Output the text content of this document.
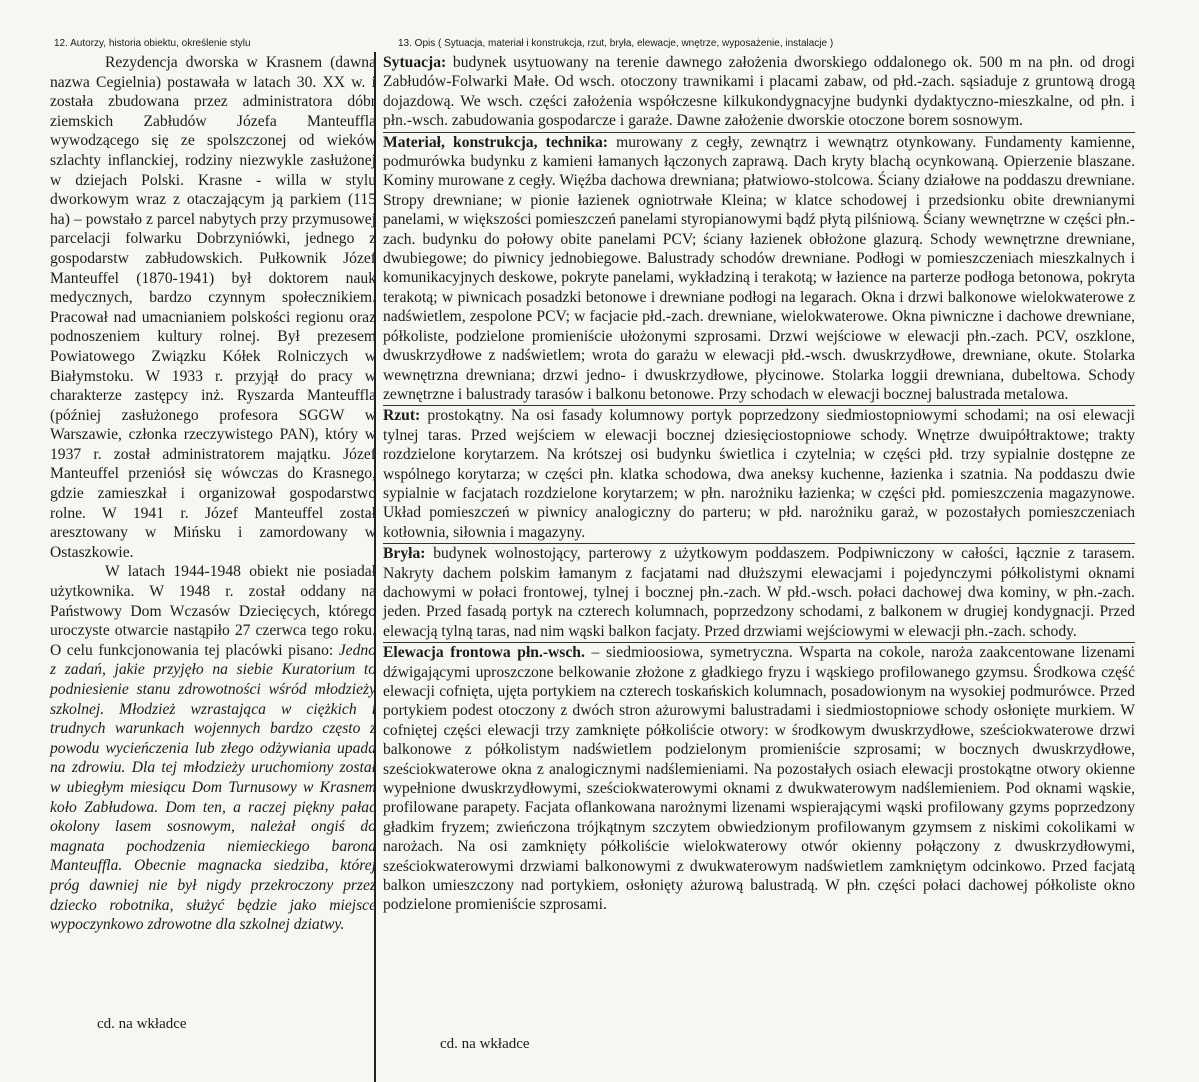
12. Autorzy, historia obiektu, określenie stylu

Rezydencja dworska w Krasnem (dawna nazwa Cegielnia) postawała w latach 30. XX w. i została zbudowana przez administratora dóbr ziemskich Zabłudów Józefa Manteuffla wywodzącego się ze spolszczonej od wieków szlachty inflanckiej, rodziny niezwykle zasłużonej w dziejach Polski. Krasne - willa w stylu dworkowym wraz z otaczającym ją parkiem (115 ha) – powstało z parcel nabytych przy przymusowej parcelacji folwarku Dobrzyniówki, jednego z gospodarstw zabłudowskich. Pułkownik Józef Manteuffel (1870-1941) był doktorem nauk medycznych, bardzo czynnym społecznikiem. Pracował nad umacnianiem polskości regionu oraz podnoszeniem kultury rolnej. Był prezesem Powiatowego Związku Kółek Rolniczych w Białymstoku. W 1933 r. przyjął do pracy w charakterze zastępcy inż. Ryszarda Manteuffla (później zasłużonego profesora SGGW w Warszawie, członka rzeczywistego PAN), który w 1937 r. został administratorem majątku. Józef Manteuffel przeniósł się wówczas do Krasnego, gdzie zamieszkał i organizował gospodarstwo rolne. W 1941 r. Józef Manteuffel został aresztowany w Mińsku i zamordowany w Ostaszkowie.

W latach 1944-1948 obiekt nie posiadał użytkownika. W 1948 r. został oddany na Państwowy Dom Wczasów Dziecięcych, którego uroczyste otwarcie nastąpiło 27 czerwca tego roku. O celu funkcjonowania tej placówki pisano: Jedno z zadań, jakie przyjęło na siebie Kuratorium to podniesienie stanu zdrowotności wśród młodzieży szkolnej. Młodzież wzrastająca w ciężkich i trudnych warunkach wojennych bardzo często z powodu wycieńczenia lub złego odżywiania upada na zdrowiu. Dla tej młodzieży uruchomiony został w ubiegłym miesiącu Dom Turnusowy w Krasnem koło Zabłudowa. Dom ten, a raczej piękny pałac okolony lasem sosnowym, należał ongiś do magnata pochodzenia niemieckiego barona Manteuffla. Obecnie magnacka siedziba, której próg dawniej nie był nigdy przekroczony przez dziecko robotnika, służyć będzie jako miejsce wypoczynkowo zdrowotne dla szkolnej dziatwy.

cd. na wkładce
13. Opis ( Sytuacja, materiał i konstrukcja, rzut, bryła, elewacje, wnętrze, wyposażenie, instalacje )

Sytuacja: budynek usytuowany na terenie dawnego założenia dworskiego oddalonego ok. 500 m na płn. od drogi Zabłudów-Folwarki Małe. Od wsch. otoczony trawnikami i placami zabaw, od płd.-zach. sąsiaduje z gruntową drogą dojazdową. We wsch. części założenia współczesne kilkukondygnacyjne budynki dydaktyczno-mieszkalne, od płn. i płn.-wsch. zabudowania gospodarcze i garaże. Dawne założenie dworskie otoczone borem sosnowym.

Materiał, konstrukcja, technika: murowany z cegły, zewnątrz i wewnątrz otynkowany. Fundamenty kamienne, podmurówka budynku z kamieni łamanych łączonych zaprawą. Dach kryty blachą ocynkowaną. Opierzenie blaszane. Kominy murowane z cegły. Więźba dachowa drewniana; płatwiowo-stolcowa. Ściany działowe na poddaszu drewniane. Stropy drewniane; w pionie łazienek ogniotrwałe Kleina; w klatce schodowej i przedsionku obite drewnianymi panelami, w większości pomieszczeń panelami styropianowymi bądź płytą pilśniową. Ściany wewnętrzne w części płn.-zach. budynku do połowy obite panelami PCV; ściany łazienek obłożone glazurą. Schody wewnętrzne drewniane, dwubiegowe; do piwnicy jednobiegowe. Balustrady schodów drewniane. Podłogi w pomieszczeniach mieszkalnych i komunikacyjnych deskowe, pokryte panelami, wykładziną i terakotą; w łazience na parterze podłoga betonowa, pokryta terakotą; w piwnicach posadzki betonowe i drewniane podłogi na legarach. Okna i drzwi balkonowe wielokwaterowe z nadświetlem, zespolone PCV; w facjacie płd.-zach. drewniane, wielokwaterowe. Okna piwniczne i dachowe drewniane, półkoliste, podzielone promieniście ułożonymi szprosami. Drzwi wejściowe w elewacji płn.-zach. PCV, oszklone, dwuskrzydłowe z nadświetlem; wrota do garażu w elewacji płd.-wsch. dwuskrzydłowe, drewniane, okute. Stolarka wewnętrzna drewniana; drzwi jedno- i dwuskrzydłowe, płycinowe. Stolarka loggii drewniana, dubeltowa. Schody zewnętrzne i balustrady tarasów i balkonu betonowe. Przy schodach w elewacji bocznej balustrada metalowa.

Rzut: prostokątny. Na osi fasady kolumnowy portyk poprzedzony siedmiostopniowymi schodami; na osi elewacji tylnej taras. Przed wejściem w elewacji bocznej dziesięciostopniowe schody. Wnętrze dwuipółtraktowe; trakty rozdzielone korytarzem. Na krótszej osi budynku świetlica i czytelnia; w części płd. trzy sypialnie dostępne ze wspólnego korytarza; w części płn. klatka schodowa, dwa aneksy kuchenne, łazienka i szatnia. Na poddaszu dwie sypialnie w facjatach rozdzielone korytarzem; w płn. narożniku łazienka; w części płd. pomieszczenia magazynowe. Układ pomieszczeń w piwnicy analogiczny do parteru; w płd. narożniku garaż, w pozostałych pomieszczeniach kotłownia, siłownia i magazyny.

Bryła: budynek wolnostojący, parterowy z użytkowym poddaszem. Podpiwniczony w całości, łącznie z tarasem. Nakryty dachem polskim łamanym z facjatami nad dłuższymi elewacjami i pojedynczymi półkolistymi oknami dachowymi w połaci frontowej, tylnej i bocznej płn.-zach. W płd.-wsch. połaci dachowej dwa kominy, w płn.-zach. jeden. Przed fasadą portyk na czterech kolumnach, poprzedzony schodami, z balkonem w drugiej kondygnacji. Przed elewacją tylną taras, nad nim wąski balkon facjaty. Przed drzwiami wejściowymi w elewacji płn.-zach. schody.

Elewacja frontowa płn.-wsch. – siedmioosiowa, symetryczna. Wsparta na cokole, naroża zaakcentowane lizenami dźwigającymi uproszczone belkowanie złożone z gładkiego fryzu i wąskiego profilowanego gzymsu. Środkowa część elewacji cofnięta, ujęta portykiem na czterech toskańskich kolumnach, posadowionym na wysokiej podmurówce. Przed portykiem podest otoczony z dwóch stron ażurowymi balustradami i siedmiostopniowe schody osłonięte murkiem. W cofniętej części elewacji trzy zamknięte półkoliście otwory: w środkowym dwuskrzydłowe, sześciokwaterowe drzwi balkonowe z półkolistym nadświetlem podzielonym promieniście szprosami; w bocznych dwuskrzydłowe, sześciokwaterowe okna z analogicznymi nadślemieniami. Na pozostałych osiach elewacji prostokątne otwory okienne wypełnione dwuskrzydłowymi, sześciokwaterowymi oknami z dwukwaterowym nadślemieniem. Pod oknami wąskie, profilowane parapety. Facjata oflankowana narożnymi lizenami wspierającymi wąski profilowany gzyms poprzedzony gładkim fryzem; zwieńczona trójkątnym szczytem obwiedzionym profilowanym gzymsem z niskimi cokolikami w narożach. Na osi zamknięty półkoliście wielokwaterowy otwór okienny połączony z dwuskrzydłowymi, sześciokwaterowymi drzwiami balkonowymi z dwukwaterowym nadświetlem zamkniętym odcinkowo. Przed facjatą balkon umieszczony nad portykiem, osłonięty ażurową balustradą. W płn. części połaci dachowej półkoliste okno podzielone promieniście szprosami.

cd. na wkładce
